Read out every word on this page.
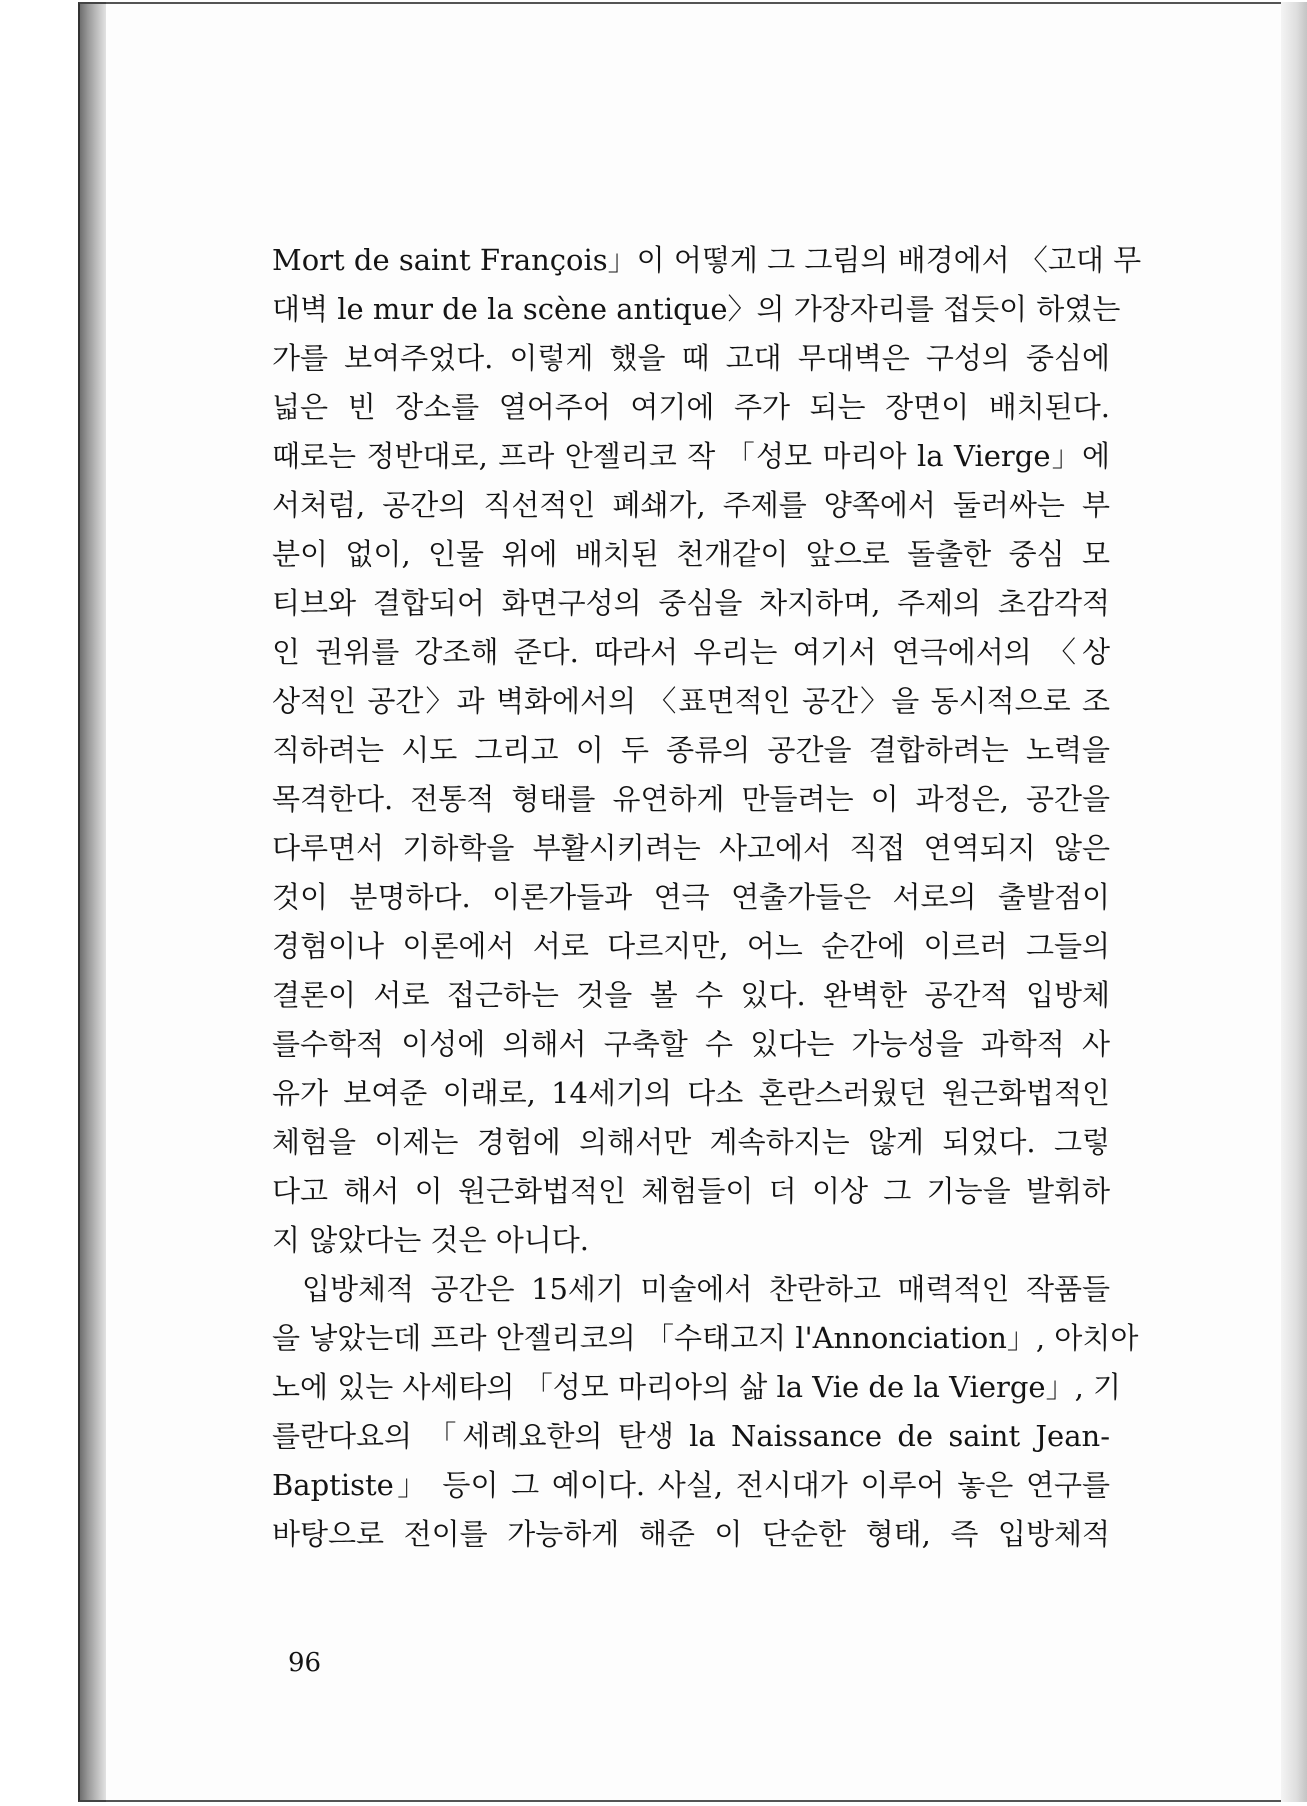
Mort de saint François」이 어떻게 그 그림의 배경에서 〈고대 무
대벽 le mur de la scène antique〉의 가장자리를 접듯이 하였는
가를 보여주었다. 이렇게 했을 때 고대 무대벽은 구성의 중심에
넓은 빈 장소를 열어주어 여기에 주가 되는 장면이 배치된다.
때로는 정반대로, 프라 안젤리코 작 「성모 마리아 la Vierge」에
서처럼, 공간의 직선적인 폐쇄가, 주제를 양쪽에서 둘러싸는 부
분이 없이, 인물 위에 배치된 천개같이 앞으로 돌출한 중심 모
티브와 결합되어 화면구성의 중심을 차지하며, 주제의 초감각적
인 권위를 강조해 준다. 따라서 우리는 여기서 연극에서의 〈상
상적인 공간〉과 벽화에서의 〈표면적인 공간〉을 동시적으로 조
직하려는 시도 그리고 이 두 종류의 공간을 결합하려는 노력을
목격한다. 전통적 형태를 유연하게 만들려는 이 과정은, 공간을
다루면서 기하학을 부활시키려는 사고에서 직접 연역되지 않은
것이 분명하다. 이론가들과 연극 연출가들은 서로의 출발점이
경험이나 이론에서 서로 다르지만, 어느 순간에 이르러 그들의
결론이 서로 접근하는 것을 볼 수 있다. 완벽한 공간적 입방체
를수학적 이성에 의해서 구축할 수 있다는 가능성을 과학적 사
유가 보여준 이래로, 14세기의 다소 혼란스러웠던 원근화법적인
체험을 이제는 경험에 의해서만 계속하지는 않게 되었다. 그렇
다고 해서 이 원근화법적인 체험들이 더 이상 그 기능을 발휘하
지 않았다는 것은 아니다.
입방체적 공간은 15세기 미술에서 찬란하고 매력적인 작품들
을 낳았는데 프라 안젤리코의 「수태고지 l'Annonciation」, 아치아
노에 있는 사세타의 「성모 마리아의 삶 la Vie de la Vierge」, 기
를란다요의 「세례요한의 탄생 la Naissance de saint Jean-
Baptiste」 등이 그 예이다. 사실, 전시대가 이루어 놓은 연구를
바탕으로 전이를 가능하게 해준 이 단순한 형태, 즉 입방체적
96
